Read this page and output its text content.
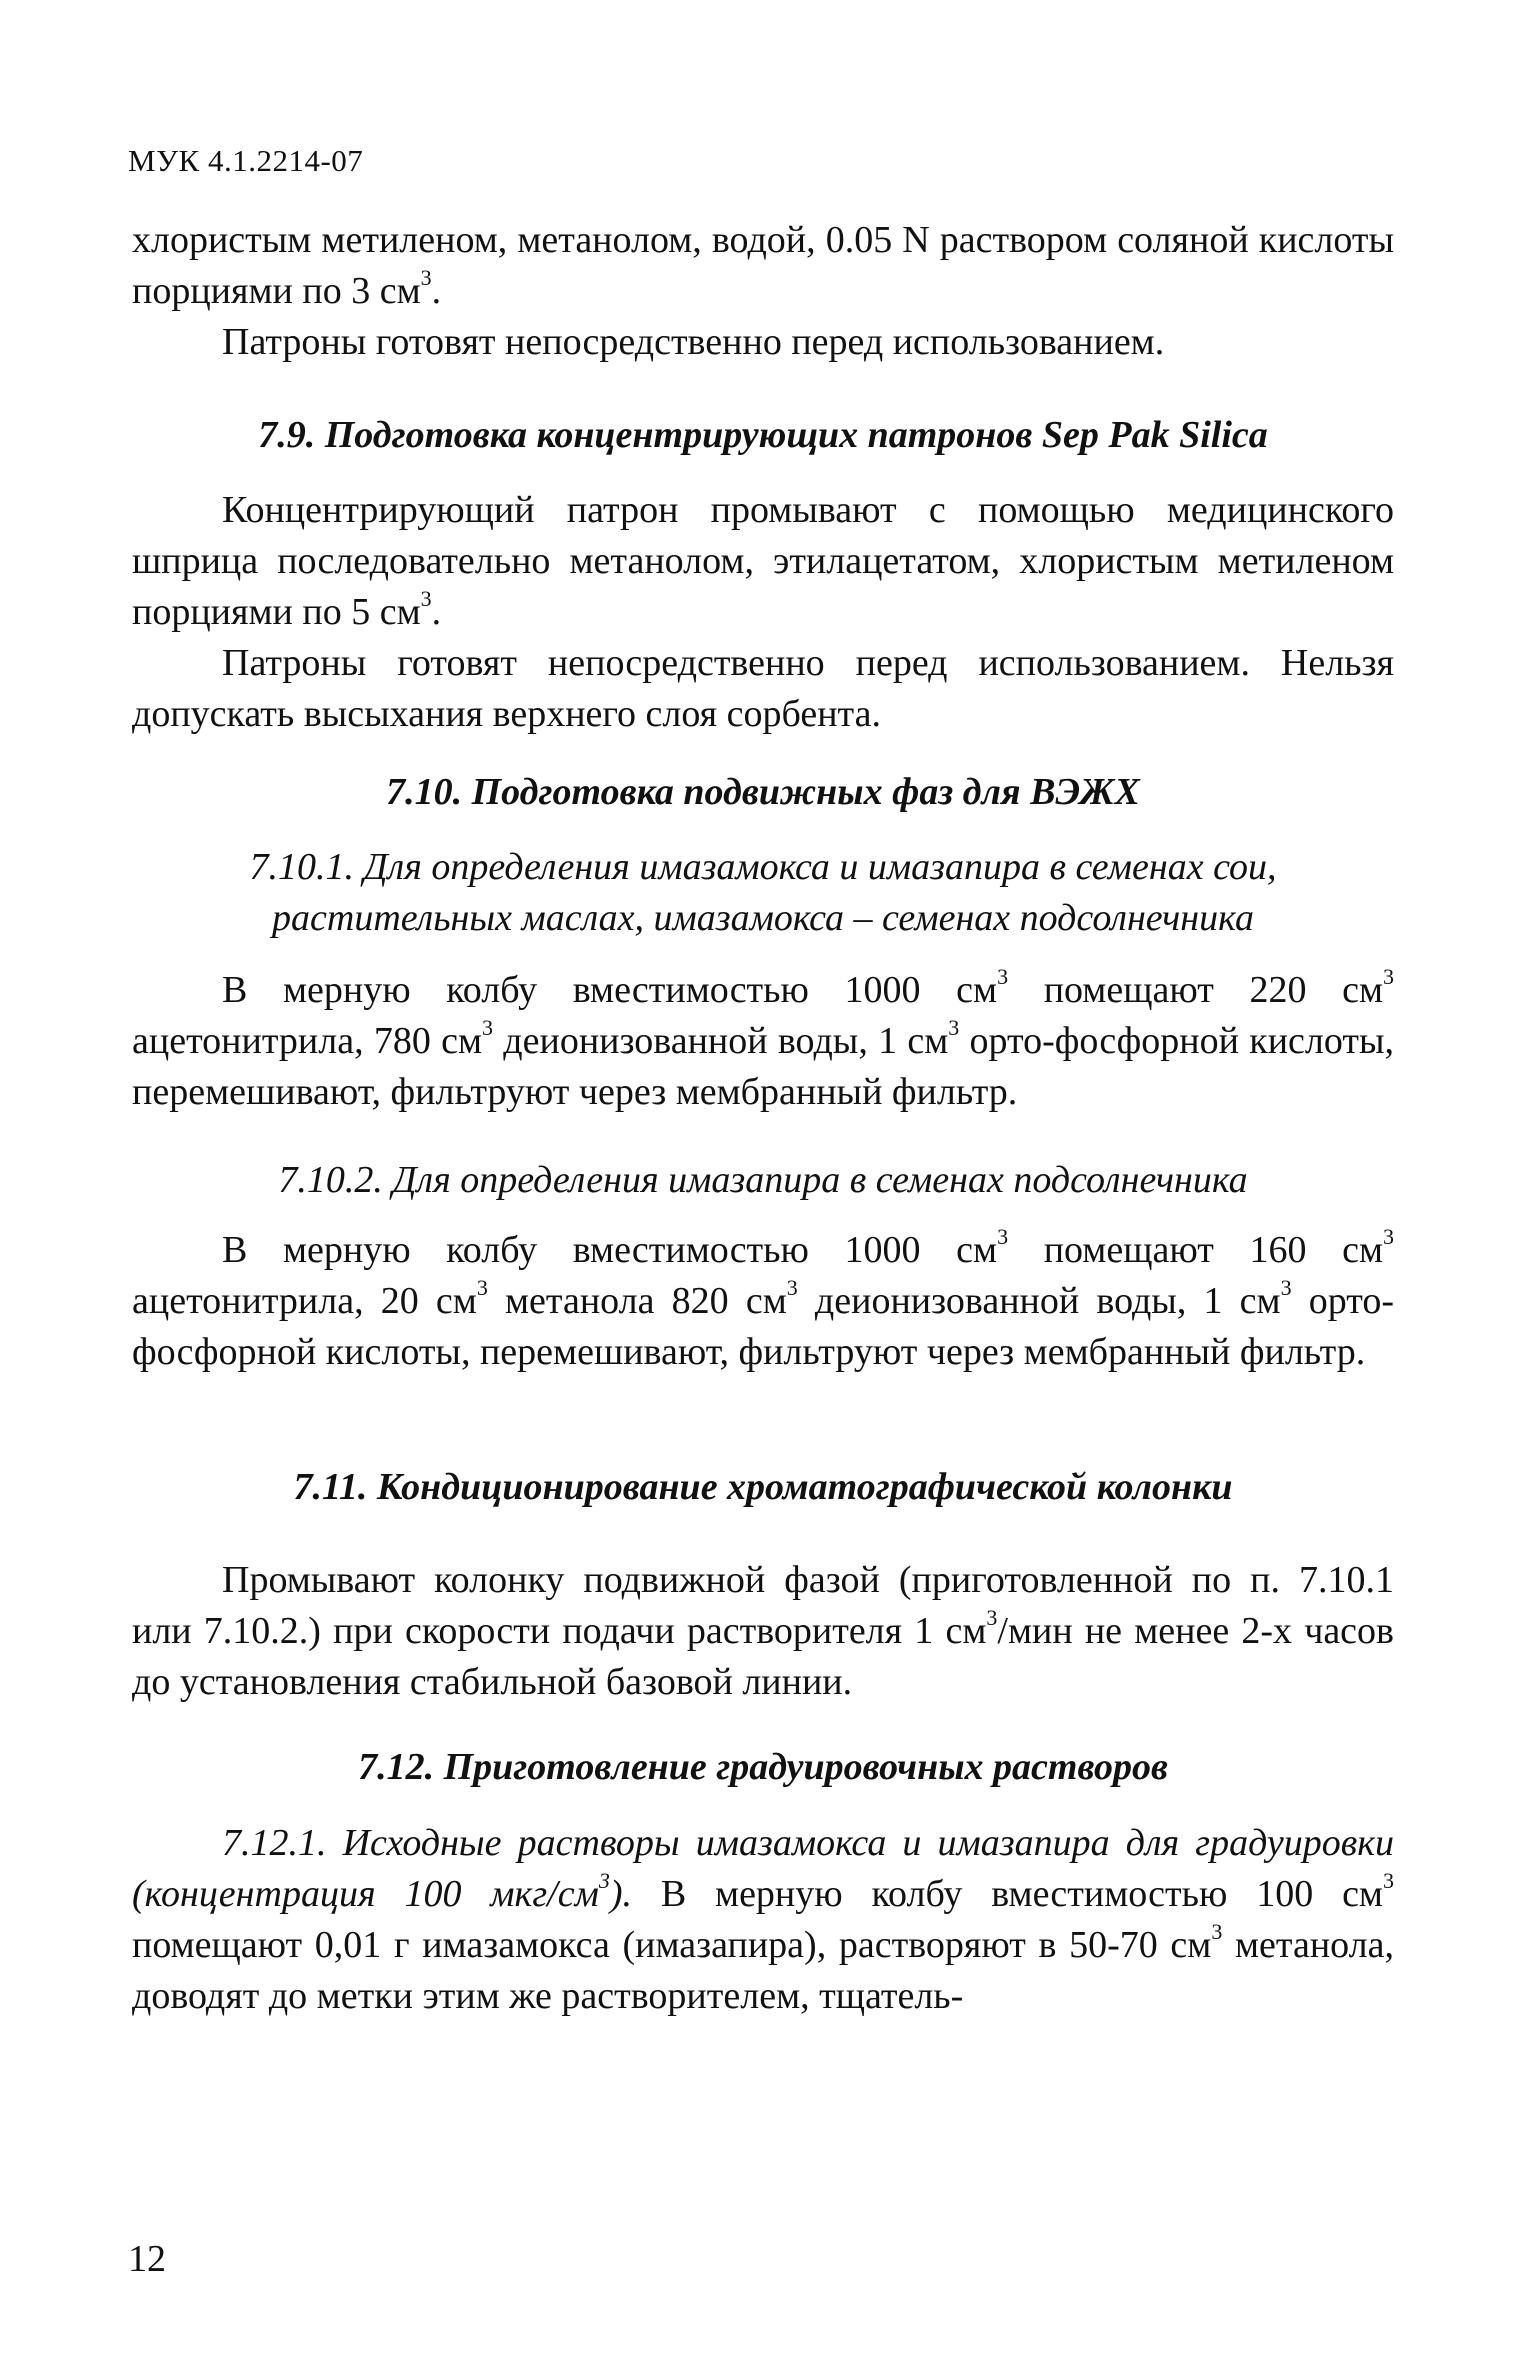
МУК 4.1.2214-07

хлористым метиленом, метанолом, водой, 0.05 N раствором соляной кислоты порциями по 3 $см^3$.

Патроны готовят непосредственно перед использованием.

7.9. Подготовка концентрирующих патронов Sep Pak Silica

Концентрирующий патрон промывают с помощью медицинского шприца последовательно метанолом, этилацетатом, хлористым метиленом порциями по 5 $см^3$.

Патроны готовят непосредственно перед использованием. Нельзя допускать высыхания верхнего слоя сорбента.

7.10. Подготовка подвижных фаз для ВЭЖХ

7.10.1. Для определения имазамокса и имазапира в семенах сои,

растительных маслах, имазамокса – семенах подсолнечника

В мерную колбу вместимостью 1000 $см^3$ помещают 220 $см^3$ ацетонитрила, 780 $см^3$ деионизованной воды, 1 $см^3$ орто-фосфорной кислоты, перемешивают, фильтруют через мембранный фильтр.

7.10.2. Для определения имазапира в семенах подсолнечника

В мерную колбу вместимостью 1000 $см^3$ помещают 160 $см^3$ ацетонитрила, 20 $см^3$ метанола 820 $см^3$ деионизованной воды, 1 $см^3$ орто-фосфорной кислоты, перемешивают, фильтруют через мембранный фильтр.

7.11. Кондиционирование хроматографической колонки

Промывают колонку подвижной фазой (приготовленной по п. 7.10.1 или 7.10.2.) при скорости подачи растворителя 1 $см^3$/мин не менее 2-х часов до установления стабильной базовой линии.

7.12. Приготовление градуировочных растворов

7.12.1. Исходные растворы имазамокса и имазапира для градуировки (концентрация 100 мкг/$см^3$). В мерную колбу вместимостью 100 $см^3$ помещают 0,01 г имазамокса (имазапира), растворяют в 50-70 $см^3$ метанола, доводят до метки этим же растворителем, тщатель-

12
